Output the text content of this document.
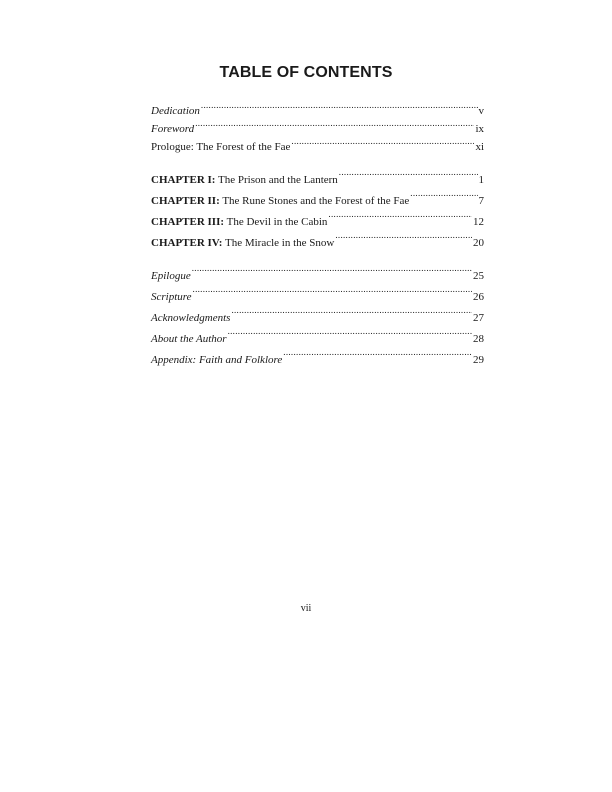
TABLE OF CONTENTS
Dedication .....	v
Foreword .....	ix
Prologue: The Forest of the Fae .....	xi
CHAPTER I: The Prison and the Lantern .....	1
CHAPTER II: The Rune Stones and the Forest of the Fae .....	7
CHAPTER III: The Devil in the Cabin .....	12
CHAPTER IV: The Miracle in the Snow .....	20
Epilogue .....	25
Scripture .....	26
Acknowledgments .....	27
About the Author .....	28
Appendix: Faith and Folklore .....	29
vii
